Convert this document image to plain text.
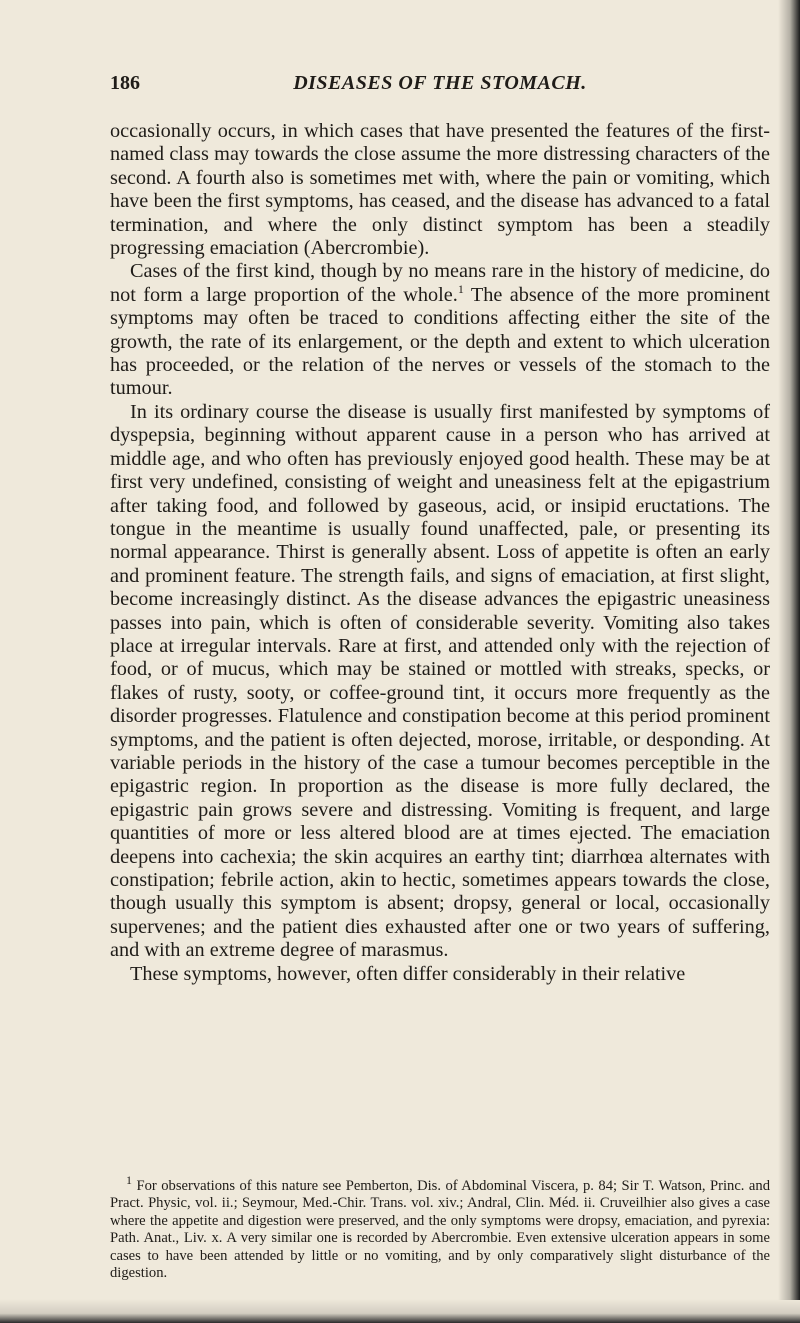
186	DISEASES OF THE STOMACH.

occasionally occurs, in which cases that have presented the features of the first-named class may towards the close assume the more distressing characters of the second. A fourth also is sometimes met with, where the pain or vomiting, which have been the first symptoms, has ceased, and the disease has advanced to a fatal termination, and where the only distinct symptom has been a steadily progressing emaciation (Abercrombie).

Cases of the first kind, though by no means rare in the history of medicine, do not form a large proportion of the whole.$^1$ The absence of the more prominent symptoms may often be traced to conditions affecting either the site of the growth, the rate of its enlargement, or the depth and extent to which ulceration has proceeded, or the relation of the nerves or vessels of the stomach to the tumour.

In its ordinary course the disease is usually first manifested by symptoms of dyspepsia, beginning without apparent cause in a person who has arrived at middle age, and who often has previously enjoyed good health. These may be at first very undefined, consisting of weight and uneasiness felt at the epigastrium after taking food, and followed by gaseous, acid, or insipid eructations. The tongue in the meantime is usually found unaffected, pale, or presenting its normal appearance. Thirst is generally absent. Loss of appetite is often an early and prominent feature. The strength fails, and signs of emaciation, at first slight, become increasingly distinct. As the disease advances the epigastric uneasiness passes into pain, which is often of considerable severity. Vomiting also takes place at irregular intervals. Rare at first, and attended only with the rejection of food, or of mucus, which may be stained or mottled with streaks, specks, or flakes of rusty, sooty, or coffee-ground tint, it occurs more frequently as the disorder progresses. Flatulence and constipation become at this period prominent symptoms, and the patient is often dejected, morose, irritable, or desponding. At variable periods in the history of the case a tumour becomes perceptible in the epigastric region. In proportion as the disease is more fully declared, the epigastric pain grows severe and distressing. Vomiting is frequent, and large quantities of more or less altered blood are at times ejected. The emaciation deepens into cachexia; the skin acquires an earthy tint; diarrhœa alternates with constipation; febrile action, akin to hectic, sometimes appears towards the close, though usually this symptom is absent; dropsy, general or local, occasionally supervenes; and the patient dies exhausted after one or two years of suffering, and with an extreme degree of marasmus.

These symptoms, however, often differ considerably in their relative

$^1$ For observations of this nature see Pemberton, Dis. of Abdominal Viscera, p. 84; Sir T. Watson, Princ. and Pract. Physic, vol. ii.; Seymour, Med.-Chir. Trans. vol. xiv.; Andral, Clin. Méd. ii. Cruveilhier also gives a case where the appetite and digestion were preserved, and the only symptoms were dropsy, emaciation, and pyrexia: Path. Anat., Liv. x. A very similar one is recorded by Abercrombie. Even extensive ulceration appears in some cases to have been attended by little or no vomiting, and by only comparatively slight disturbance of the digestion.
